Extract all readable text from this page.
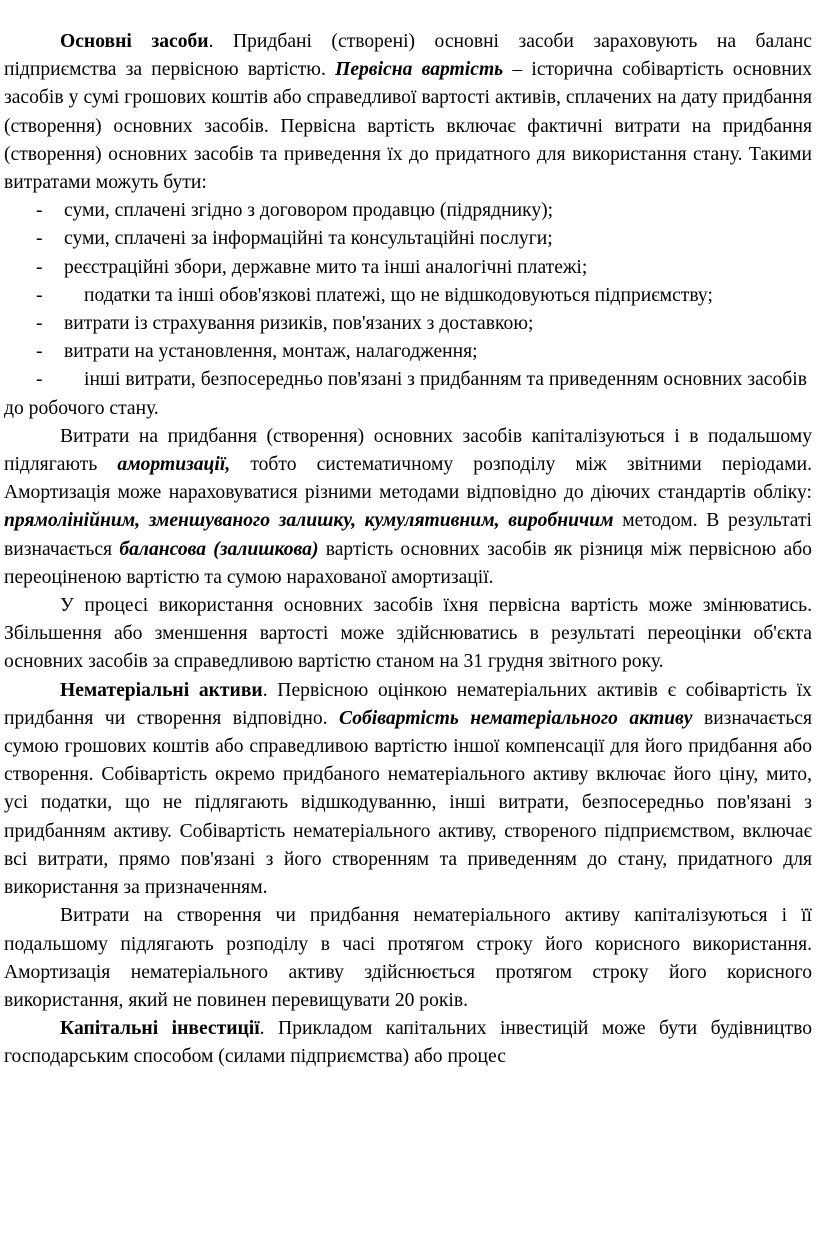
Основні засоби. Придбані (створені) основні засоби зараховують на баланс підприємства за первісною вартістю. Первісна вартість – історична собівартість основних засобів у сумі грошових коштів або справедливої вартості активів, сплачених на дату придбання (створення) основних засобів. Первісна вартість включає фактичні витрати на придбання (створення) основних засобів та приведення їх до придатного для використання стану. Такими витратами можуть бути:

-	суми, сплачені згідно з договором продавцю (підряднику);
-	суми, сплачені за інформаційні та консультаційні послуги;
-	реєстраційні збори, державне мито та інші аналогічні платежі;
- податки та інші обов'язкові платежі, що не відшкодовуються підприємству;
-	витрати із страхування ризиків, пов'язаних з доставкою;
-	витрати на установлення, монтаж, налагодження;
- інші витрати, безпосередньо пов'язані з придбанням та приведенням основних засобів до робочого стану.

Витрати на придбання (створення) основних засобів капіталізуються і в подальшому підлягають амортизації, тобто систематичному розподілу між звітними періодами. Амортизація може нараховуватися різними методами відповідно до діючих стандартів обліку: прямолінійним, зменшуваного залишку, кумулятивним, виробничим методом. В результаті визначається балансова (залишкова) вартість основних засобів як різниця між первісною або переоціненою вартістю та сумою нарахованої амортизації.

У процесі використання основних засобів їхня первісна вартість може змінюватись. Збільшення або зменшення вартості може здійснюватись в результаті переоцінки об'єкта основних засобів за справедливою вартістю станом на 31 грудня звітного року.

Нематеріальні активи. Первісною оцінкою нематеріальних активів є собівартість їх придбання чи створення відповідно. Собівартість нематеріального активу визначається сумою грошових коштів або справедливою вартістю іншої компенсації для його придбання або створення. Собівартість окремо придбаного нематеріального активу включає його ціну, мито, усі податки, що не підлягають відшкодуванню, інші витрати, безпосередньо пов'язані з придбанням активу. Собівартість нематеріального активу, створеного підприємством, включає всі витрати, прямо пов'язані з його створенням та приведенням до стану, придатного для використання за призначенням.

Витрати на створення чи придбання нематеріального активу капіталізуються і її подальшому підлягають розподілу в часі протягом строку його корисного використання. Амортизація нематеріального активу здійснюється протягом строку його корисного використання, який не повинен перевищувати 20 років.

Капітальні інвестиції. Прикладом капітальних інвестицій може бути будівництво господарським способом (силами підприємства) або процес
